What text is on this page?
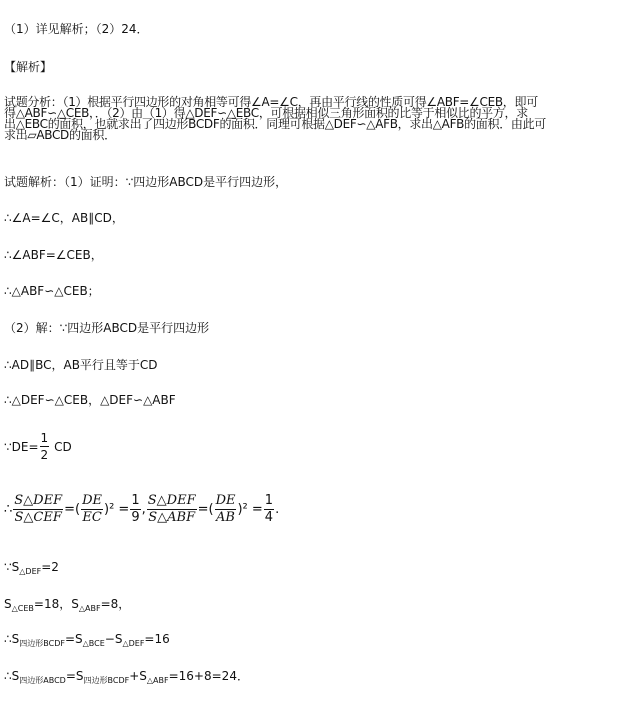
（1）详见解析；（2）24．
【解析】
试题分析：（1）根据平行四边形的对角相等可得∠A=∠C，再由平行线的性质可得∠ABF=∠CEB，即可
得△ABF∽△CEB，．（2）由（1）得△DEF∽△EBC，可根据相似三角形面积的比等于相似比的平方，求
出△EBC的面积，也就求出了四边形BCDF的面积．同理可根据△DEF∽△AFB，求出△AFB的面积．由此可
求出▱ABCD的面积．
试题解析：（1）证明：∵四边形ABCD是平行四边形，
∴∠A=∠C，AB∥CD，
∴∠ABF=∠CEB，
∴△ABF∽△CEB；
（2）解：∵四边形ABCD是平行四边形
∴AD∥BC，AB平行且等于CD
∴△DEF∽△CEB，△DEF∽△ABF
∵DE= $\frac{1}{2}$ CD
∴ $\frac{\text{S△DEF}}{\text{S△CEF}}$ =( $\frac{DE}{EC} )^2 = \frac{1}{9}$ , $\frac{\text{S△DEF}}{\text{S△ABF}}$ =( $\frac{DE}{AB} )^2 = \frac{1}{4}$ .
$\because S_{\triangle DEF}=2$
$S_{\triangle CEB}=18$，$S_{\triangle ABF}=8$，
$\therefore S_{四边形BCDF}=S_{\triangle BCE}-S_{\triangle DEF}=16$
$\therefore S_{四边形ABCD}=S_{四边形BCDF}+S_{\triangle ABF}=16+8=24$．
